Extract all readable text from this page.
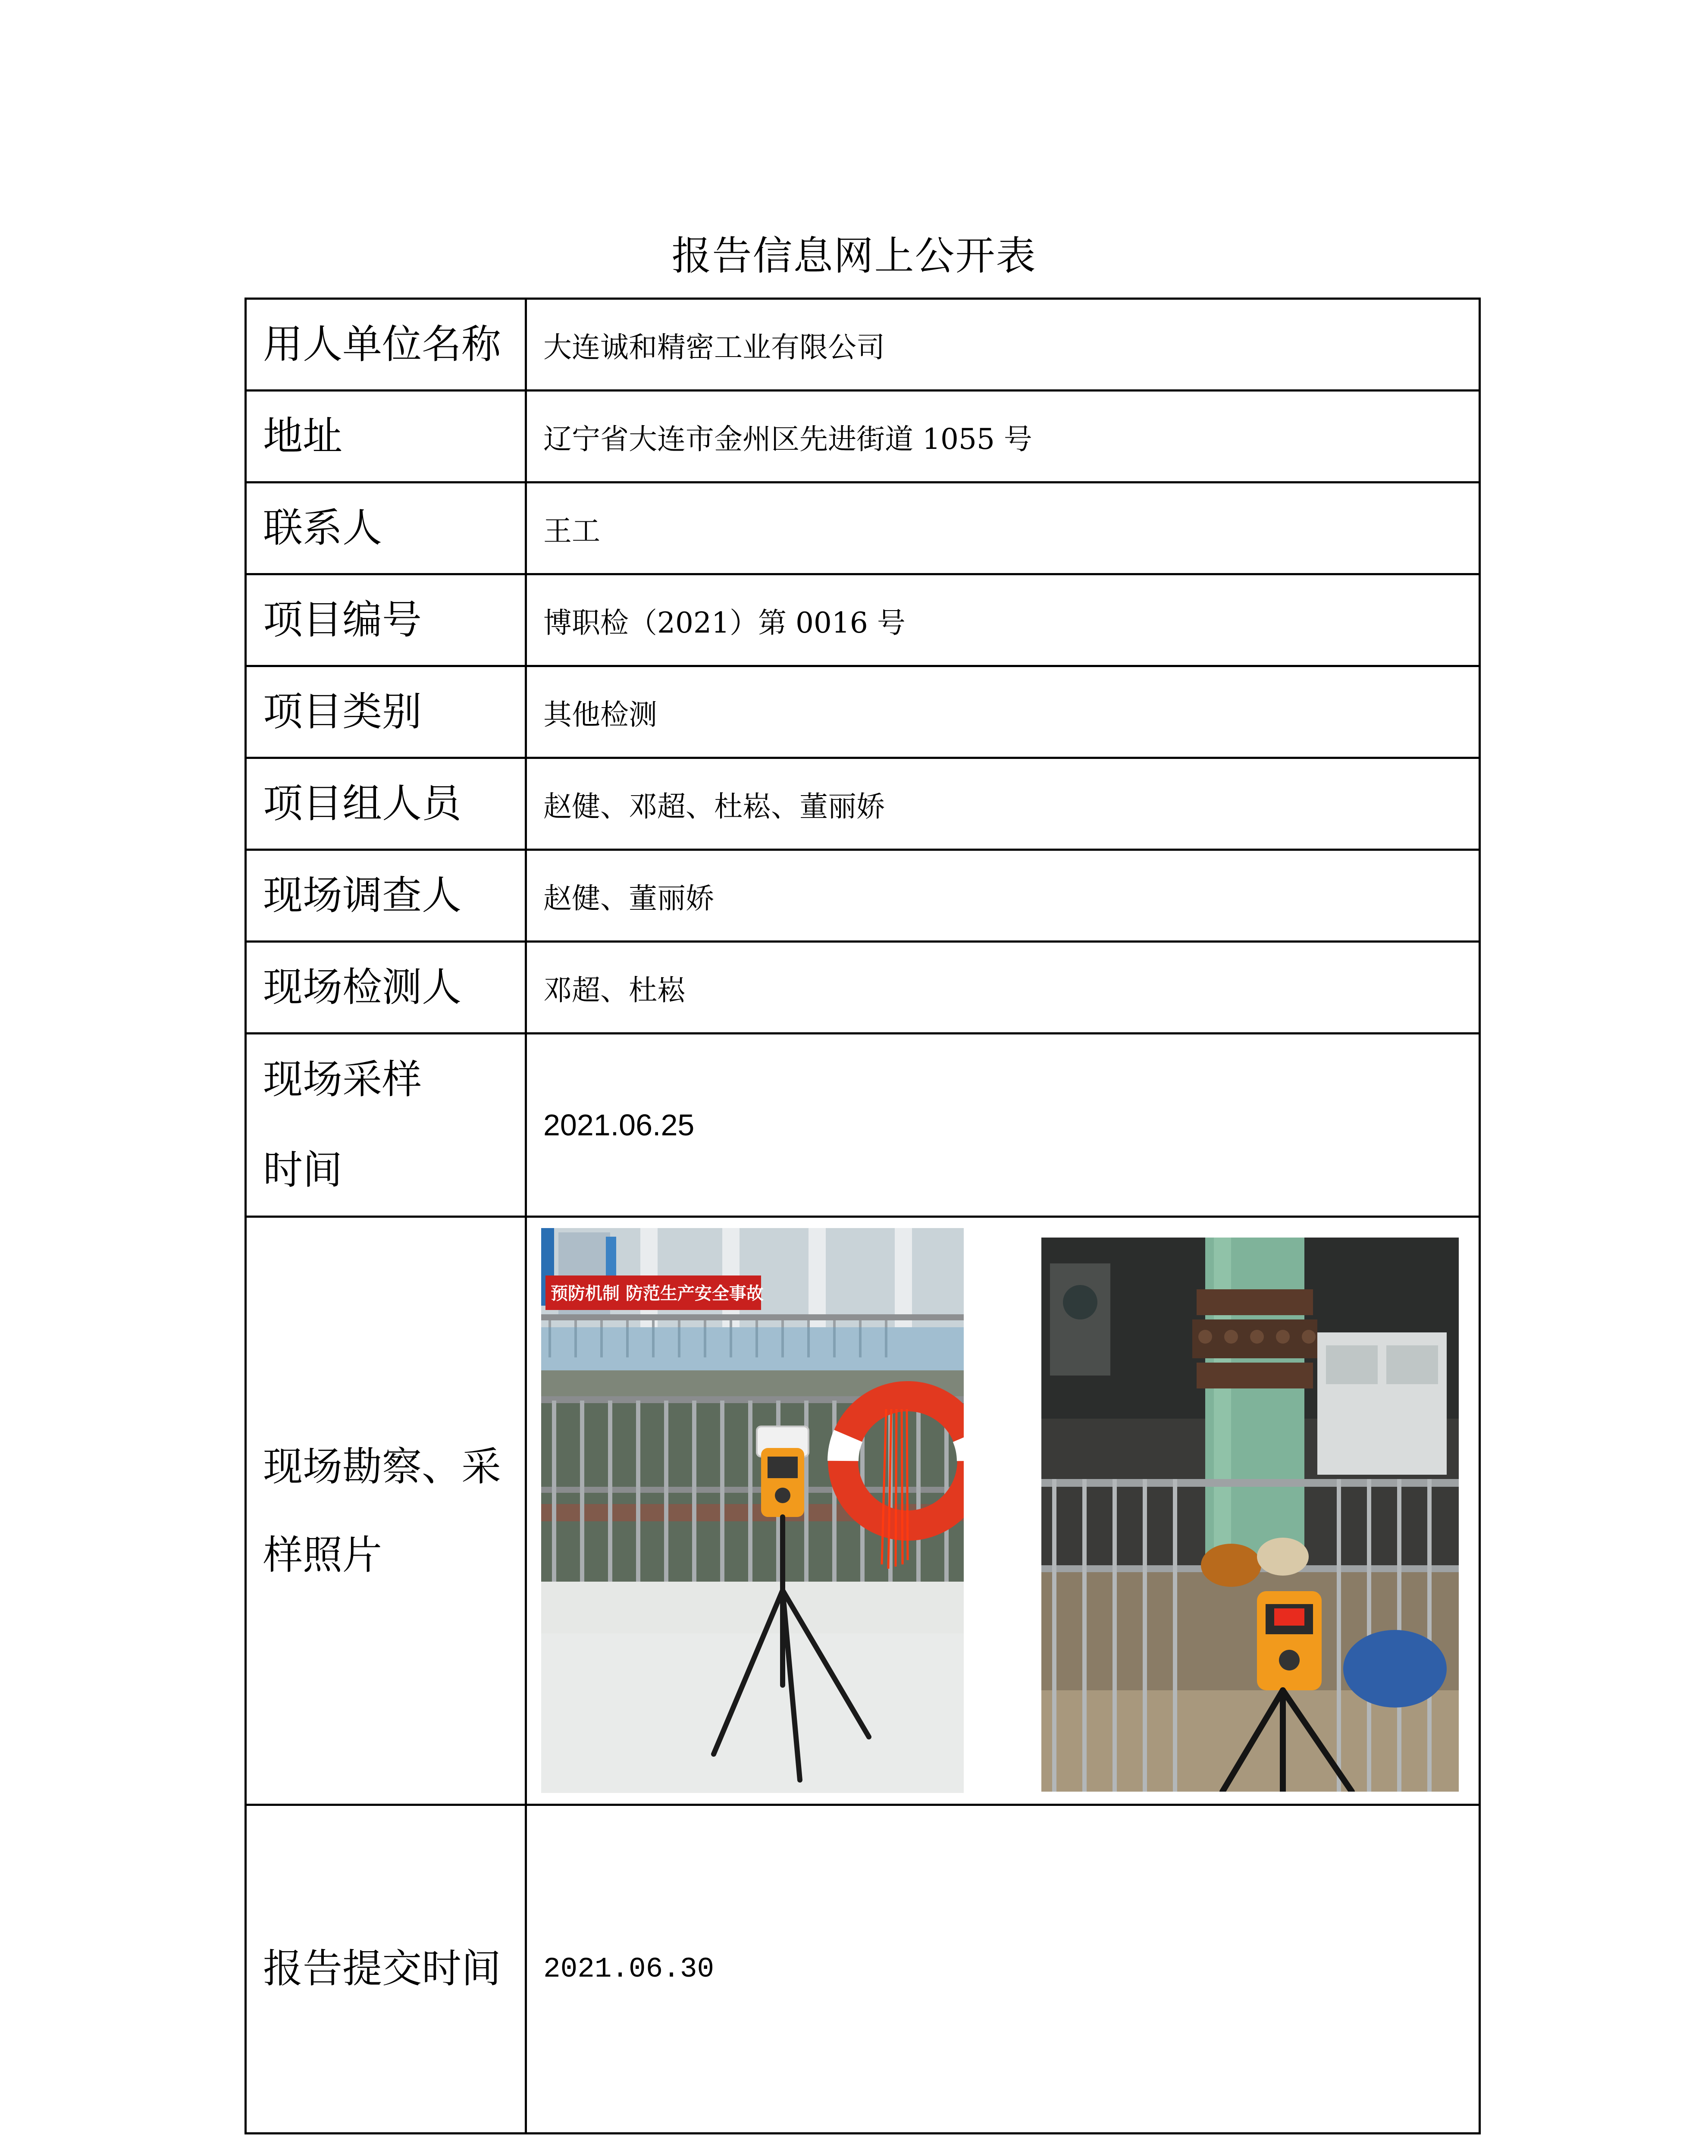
报告信息网上公开表
用人单位名称	大连诚和精密工业有限公司
地址	辽宁省大连市金州区先进街道 1055 号
联系人	王工
项目编号	博职检（2021）第 0016 号
项目类别	其他检测
项目组人员	赵健、邓超、杜崧、董丽娇
现场调查人	赵健、董丽娇
现场检测人	邓超、杜崧

现场采样
时间	2021.06.25

现场勘察、采
样照片	预防机制 防范生产安全事故

报告提交时间	2021.06.30
